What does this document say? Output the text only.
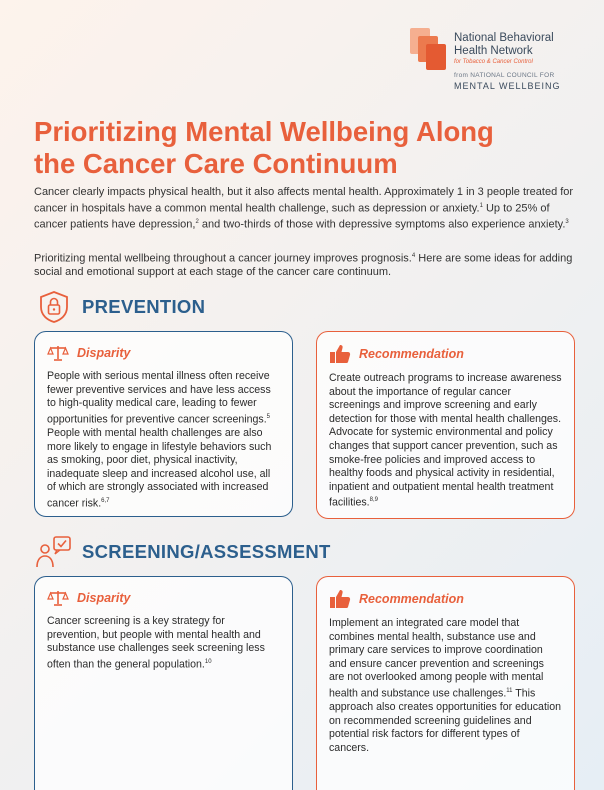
National Behavioral
Health Network
for Tobacco & Cancer Control
from NATIONAL COUNCIL FOR
MENTAL WELLBEING
Prioritizing Mental Wellbeing Along
the Cancer Care Continuum

Cancer clearly impacts physical health, but it also affects mental health. Approximately 1 in 3 people treated for cancer in hospitals have a common mental health challenge, such as depression or anxiety.$^1$ Up to 25% of cancer patients have depression,$^2$ and two-thirds of those with depressive symptoms also experience anxiety.$^3$

Prioritizing mental wellbeing throughout a cancer journey improves prognosis.$^4$ Here are some ideas for adding social and emotional support at each stage of the cancer care continuum.

PREVENTION
Disparity

People with serious mental illness often receive fewer preventive services and have less access to high-quality medical care, leading to fewer opportunities for preventive cancer screenings.$^5$ People with mental health challenges are also more likely to engage in lifestyle behaviors such as smoking, poor diet, physical inactivity, inadequate sleep and increased alcohol use, all of which are strongly associated with increased cancer risk.$^{6,7}$

Recommendation

Create outreach programs to increase awareness about the importance of regular cancer screenings and improve screening and early detection for those with mental health challenges. Advocate for systemic environmental and policy changes that support cancer prevention, such as smoke-free policies and improved access to healthy foods and physical activity in residential, inpatient and outpatient mental health treatment facilities.$^{8,9}$

SCREENING/ASSESSMENT
Disparity

Cancer screening is a key strategy for prevention, but people with mental health and substance use challenges seek screening less often than the general population.$^{10}$

Recommendation

Implement an integrated care model that combines mental health, substance use and primary care services to improve coordination and ensure cancer prevention and screenings are not overlooked among people with mental health and substance use challenges.$^{11}$ This approach also creates opportunities for education on recommended screening guidelines and potential risk factors for different types of cancers.
